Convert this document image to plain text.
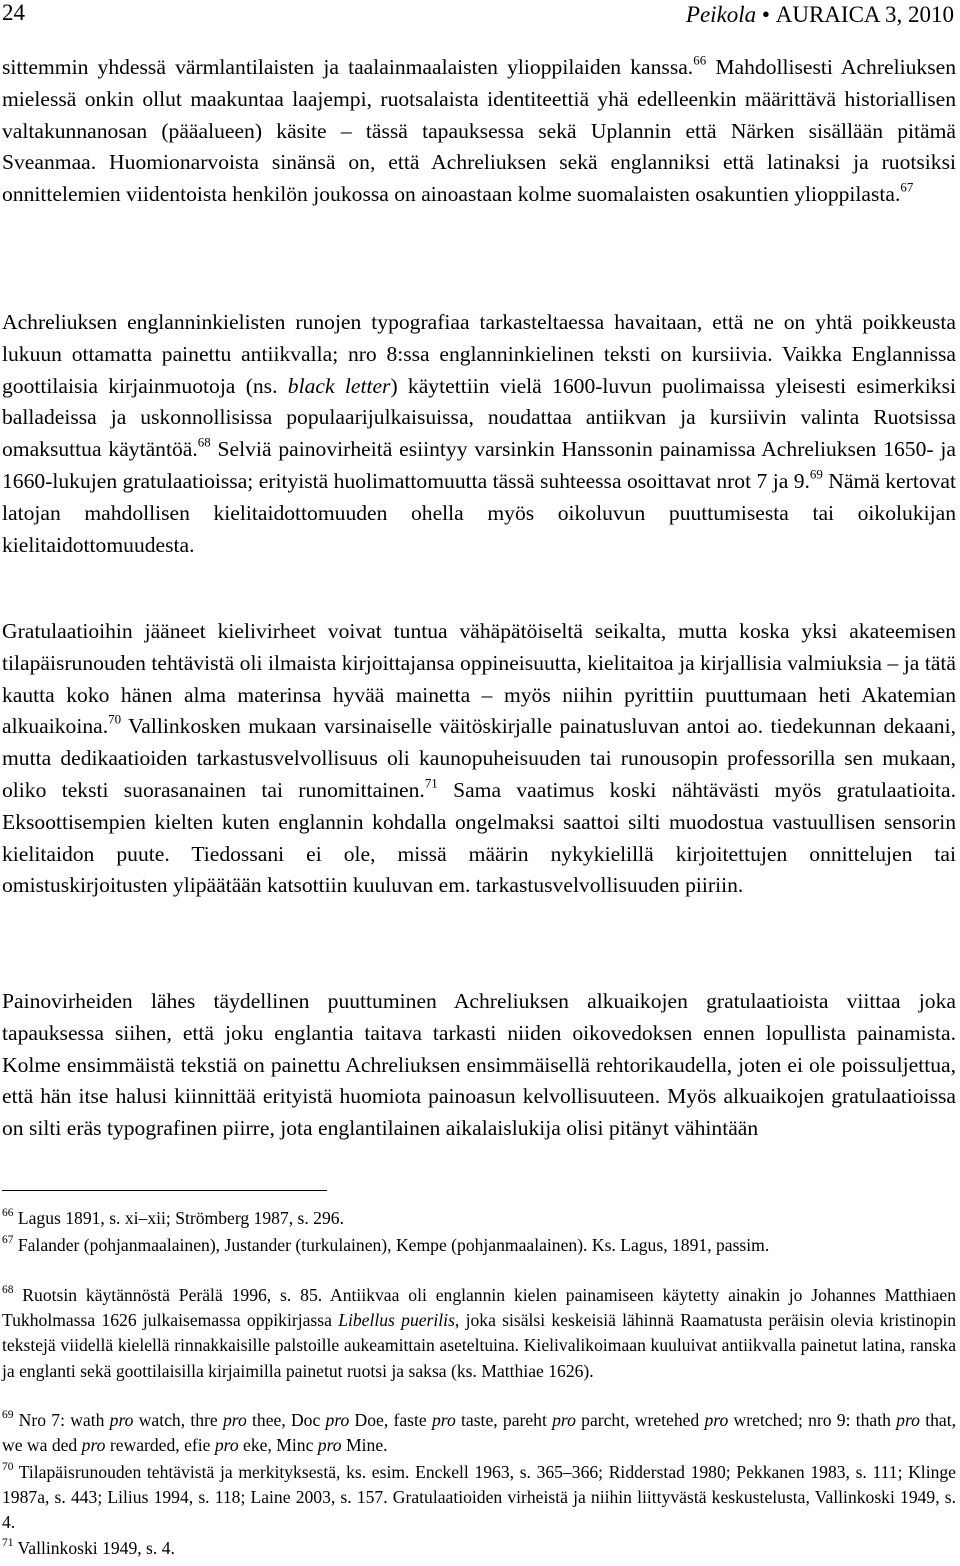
24	Peikola • AURAICA 3, 2010

sittemmin yhdessä värmlantilaisten ja taalainmaalaisten ylioppilaiden kanssa.$^{66}$ Mahdollisesti Achreliuksen mielessä onkin ollut maakuntaa laajempi, ruotsalaista identiteettiä yhä edelleenkin määrittävä historiallisen valtakunnanosan (pääalueen) käsite – tässä tapauksessa sekä Uplannin että Närken sisällään pitämä Sveanmaa. Huomionarvoista sinänsä on, että Achreliuksen sekä englanniksi että latinaksi ja ruotsiksi onnittelemien viidentoista henkilön joukossa on ainoastaan kolme suomalaisten osakuntien ylioppilasta.$^{67}$

Achreliuksen englanninkielisten runojen typografiaa tarkasteltaessa havaitaan, että ne on yhtä poikkeusta lukuun ottamatta painettu antiikvalla; nro 8:ssa englanninkielinen teksti on kursiivia. Vaikka Englannissa goottilaisia kirjainmuotoja (ns. black letter) käytettiin vielä 1600-luvun puolimaissa yleisesti esimerkiksi balladeissa ja uskonnollisissa populaarijulkaisuissa, noudattaa antiikvan ja kursiivin valinta Ruotsissa omaksuttua käytäntöä.$^{68}$ Selviä painovirheitä esiintyy varsinkin Hanssonin painamissa Achreliuksen 1650- ja 1660-lukujen gratulaatioissa; erityistä huolimattomuutta tässä suhteessa osoittavat nrot 7 ja 9.69 Nämä kertovat latojan mahdollisen kielitaidottomuuden ohella myös oikoluvun puuttumisesta tai oikolukijan kielitaidottomuudesta.

Gratulaatioihin jääneet kielivirheet voivat tuntua vähäpätöiseltä seikalta, mutta koska yksi akateemisen tilapäisrunouden tehtävistä oli ilmaista kirjoittajansa oppineisuutta, kielitaitoa ja kirjallisia valmiuksia – ja tätä kautta koko hänen alma materinsa hyvää mainetta – myös niihin pyrittiin puuttumaan heti Akatemian alkuaikoina.$^{70}$ Vallinkosken mukaan varsinaiselle väitöskirjalle painatusluvan antoi ao. tiedekunnan dekaani, mutta dedikaatioiden tarkastusvelvollisuus oli kaunopuheisuuden tai runousopin professorilla sen mukaan, oliko teksti suorasanainen tai runomittainen.$^{71}$ Sama vaatimus koski nähtävästi myös gratulaatioita. Eksoottisempien kielten kuten englannin kohdalla ongelmaksi saattoi silti muodostua vastuullisen sensorin kielitaidon puute. Tiedossani ei ole, missä määrin nykykielillä kirjoitettujen onnittelujen tai omistuskirjoitusten ylipäätään katsottiin kuuluvan em. tarkastusvelvollisuuden piiriin.

Painovirheiden lähes täydellinen puuttuminen Achreliuksen alkuaikojen gratulaatioista viittaa joka tapauksessa siihen, että joku englantia taitava tarkasti niiden oikovedoksen ennen lopullista painamista. Kolme ensimmäistä tekstiä on painettu Achreliuksen ensimmäisellä rehtorikaudella, joten ei ole poissuljettua, että hän itse halusi kiinnittää erityistä huomiota painoasun kelvollisuuteen. Myös alkuaikojen gratulaatioissa on silti eräs typografinen piirre, jota englantilainen aikalaislukija olisi pitänyt vähintään

$^{66}$ Lagus 1891, s. xi–xii; Strömberg 1987, s. 296.

$^{67}$ Falander (pohjanmaalainen), Justander (turkulainen), Kempe (pohjanmaalainen). Ks. Lagus, 1891, passim.

$^{68}$ Ruotsin käytännöstä Perälä 1996, s. 85. Antiikvaa oli englannin kielen painamiseen käytetty ainakin jo Johannes Matthiaen Tukholmassa 1626 julkaisemassa oppikirjassa Libellus puerilis, joka sisälsi keskeisiä lähinnä Raamatusta peräisin olevia kristinopin tekstejä viidellä kielellä rinnakkaisille palstoille aukeamittain aseteltuina. Kielivalikoimaan kuuluivat antiikvalla painetut latina, ranska ja englanti sekä goottilaisilla kirjaimilla painetut ruotsi ja saksa (ks. Matthiae 1626).

$^{69}$ Nro 7: wath pro watch, thre pro thee, Doc pro Doe, faste pro taste, pareht pro parcht, wretehed pro wretched; nro 9: thath pro that, we wa ded pro rewarded, efie pro eke, Minc pro Mine.

$^{70}$ Tilapäisrunouden tehtävistä ja merkityksestä, ks. esim. Enckell 1963, s. 365–366; Ridderstad 1980; Pekkanen 1983, s. 111; Klinge 1987a, s. 443; Lilius 1994, s. 118; Laine 2003, s. 157. Gratulaatioiden virheistä ja niihin liittyvästä keskustelusta, Vallinkoski 1949, s. 4.

$^{71}$ Vallinkoski 1949, s. 4.
